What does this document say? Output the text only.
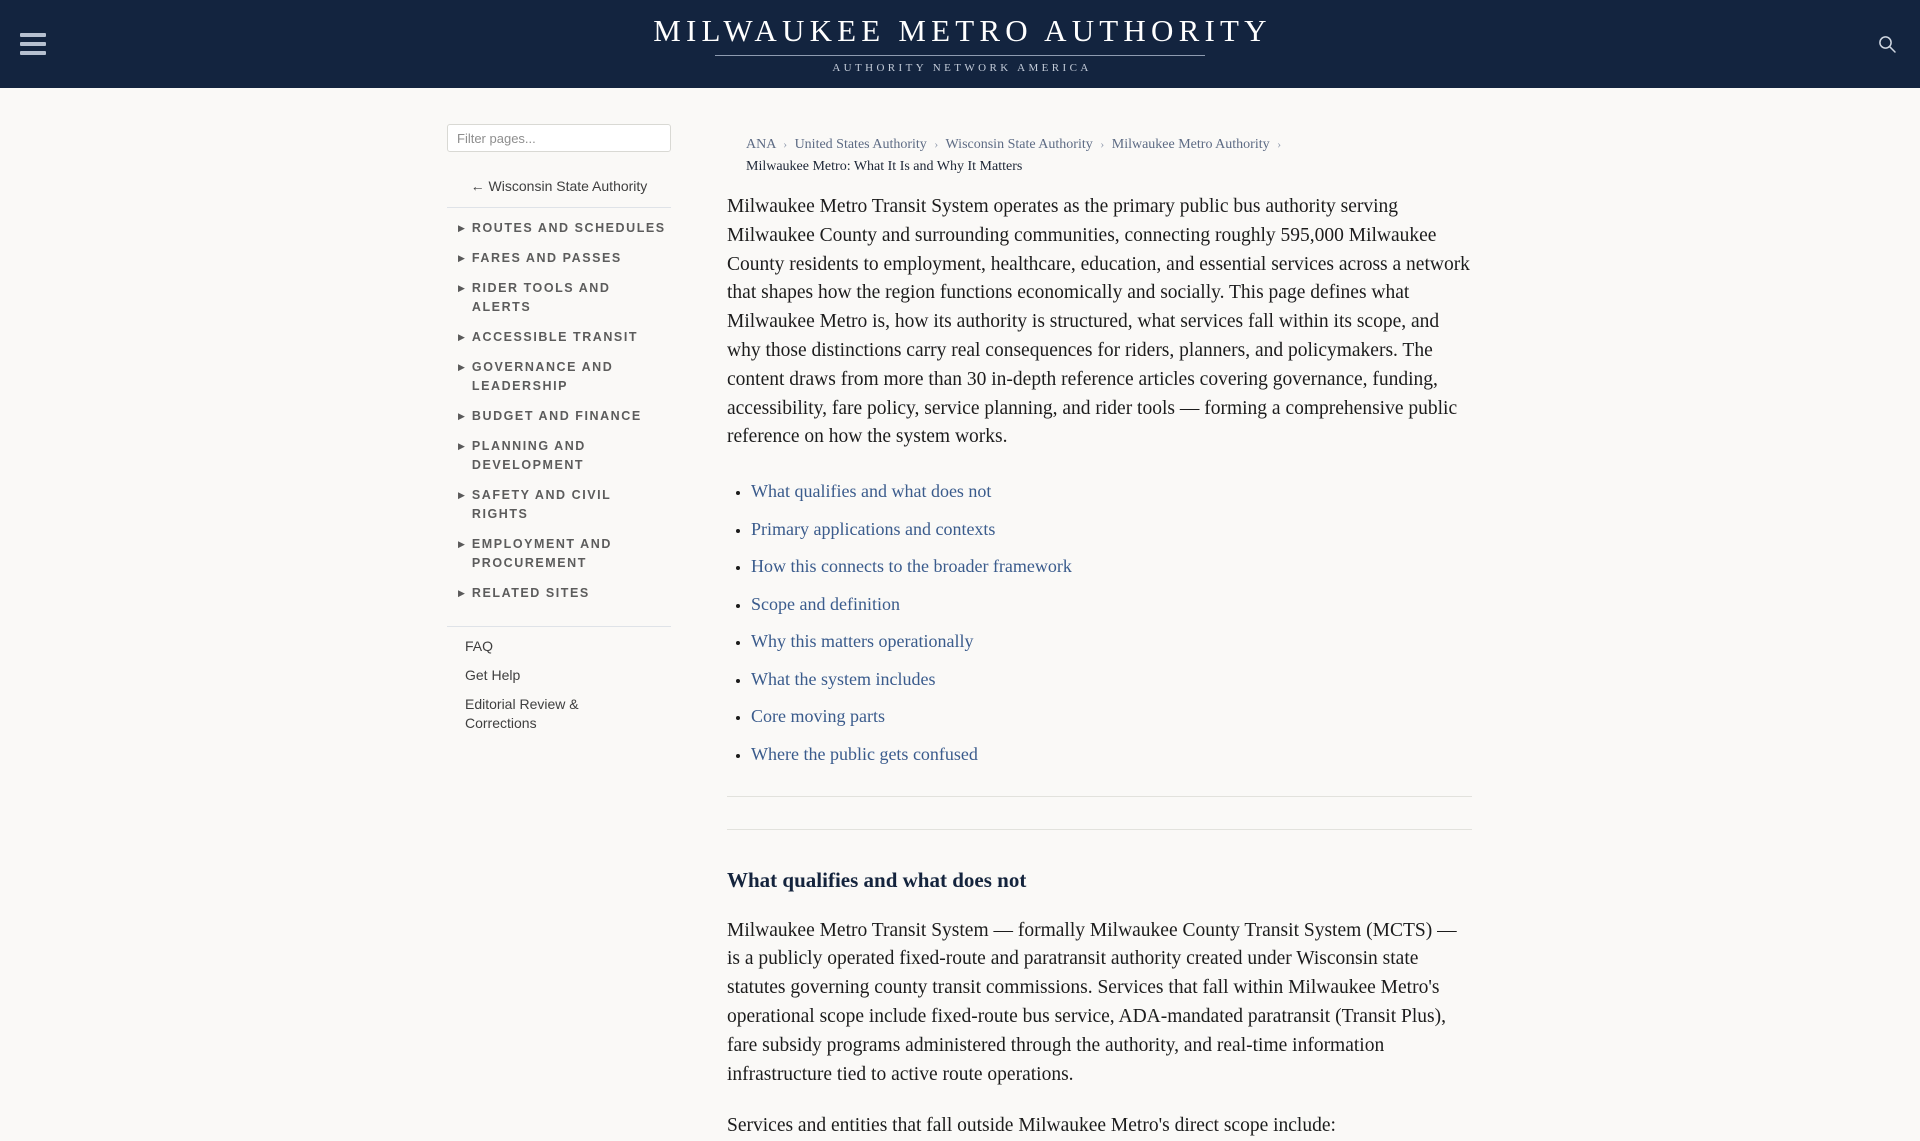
MILWAUKEE METRO AUTHORITY
AUTHORITY NETWORK AMERICA
Filter pages...
← Wisconsin State Authority
▶ ROUTES AND SCHEDULES
▶ FARES AND PASSES
▶ RIDER TOOLS AND ALERTS
▶ ACCESSIBLE TRANSIT
▶ GOVERNANCE AND LEADERSHIP
▶ BUDGET AND FINANCE
▶ PLANNING AND DEVELOPMENT
▶ SAFETY AND CIVIL RIGHTS
▶ EMPLOYMENT AND PROCUREMENT
▶ RELATED SITES
FAQ
Get Help
Editorial Review & Corrections
ANA › United States Authority › Wisconsin State Authority › Milwaukee Metro Authority ›
Milwaukee Metro: What It Is and Why It Matters

Milwaukee Metro Transit System operates as the primary public bus authority serving Milwaukee County and surrounding communities, connecting roughly 595,000 Milwaukee County residents to employment, healthcare, education, and essential services across a network that shapes how the region functions economically and socially. This page defines what Milwaukee Metro is, how its authority is structured, what services fall within its scope, and why those distinctions carry real consequences for riders, planners, and policymakers. The content draws from more than 30 in-depth reference articles covering governance, funding, accessibility, fare policy, service planning, and rider tools — forming a comprehensive public reference on how the system works.

• What qualifies and what does not
• Primary applications and contexts
• How this connects to the broader framework
• Scope and definition
• Why this matters operationally
• What the system includes
• Core moving parts
• Where the public gets confused
What qualifies and what does not

Milwaukee Metro Transit System — formally Milwaukee County Transit System (MCTS) — is a publicly operated fixed-route and paratransit authority created under Wisconsin state statutes governing county transit commissions. Services that fall within Milwaukee Metro's operational scope include fixed-route bus service, ADA-mandated paratransit (Transit Plus), fare subsidy programs administered through the authority, and real-time information infrastructure tied to active route operations.

Services and entities that fall outside Milwaukee Metro's direct scope include:
